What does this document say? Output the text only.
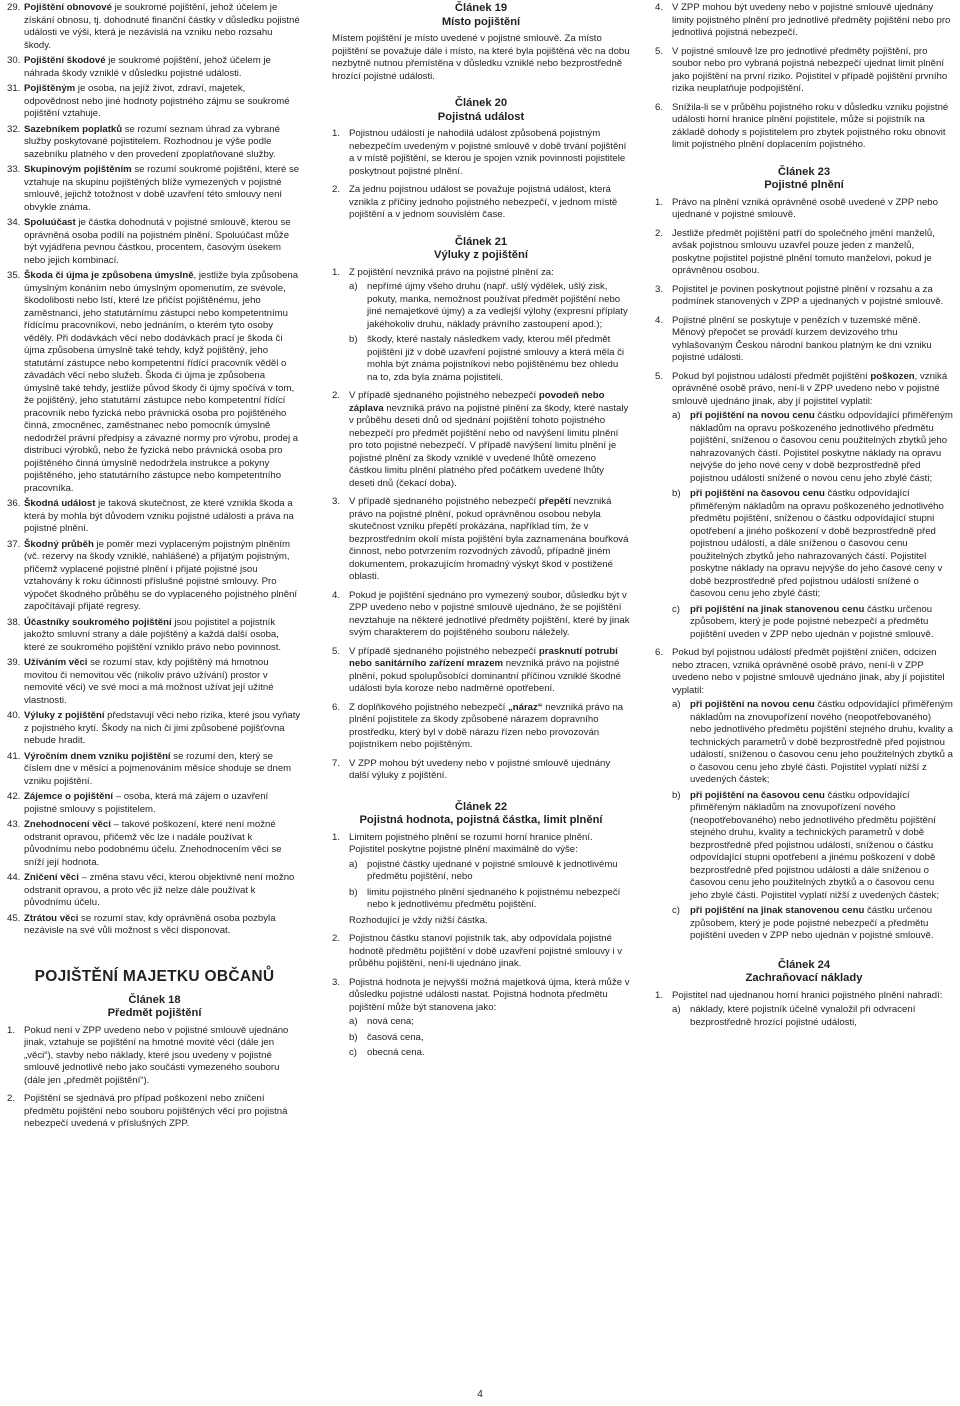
29. Pojištění obnovové je soukromé pojištění, jehož účelem je získání obnosu, tj. dohodnuté finanční částky v důsledku pojistné události ve výši, která je nezávislá na vzniku nebo rozsahu škody.
30. Pojištění škodové je soukromé pojištění, jehož účelem je náhrada škody vzniklé v důsledku pojistné události.
31. Pojištěným je osoba, na jejíž život, zdraví, majetek, odpovědnost nebo jiné hodnoty pojistného zájmu se soukromé pojištění vztahuje.
32. Sazebníkem poplatků se rozumí seznam úhrad za vybrané služby poskytované pojistitelem. Rozhodnou je výše podle sazebníku platného v den provedení zpoplatňované služby.
33. Skupinovým pojištěním se rozumí soukromé pojištění, které se vztahuje na skupinu pojištěných blíže vymezených v pojistné smlouvě, jejichž totožnost v době uzavření této smlouvy není obvykle známa.
34. Spoluúčast je částka dohodnutá v pojistné smlouvě, kterou se oprávněná osoba podílí na pojistném plnění. Spoluúčast může být vyjádřena pevnou částkou, procentem, časovým úsekem nebo jejich kombinací.
35. Škoda či újma je způsobena úmyslně, jestliže byla způsobena úmyslným konáním nebo úmyslným opomenutím, ze svévole, škodolibosti nebo lstí, které lze přičíst pojištěnému, jeho zaměstnanci, jeho statutárnímu zástupci nebo kompetentnímu řídícímu pracovníkovi, nebo jednáním, o kterém tyto osoby věděly. Při dodávkách věcí nebo dodávkách prací je škoda či újma způsobena úmyslně také tehdy, když pojištěný, jeho statutární zástupce nebo kompetentní řídící pracovník věděl o závadách věcí nebo služeb. Škoda či újma je způsobena úmyslně také tehdy, jestliže původ škody či újmy spočívá v tom, že pojištěný, jeho statutární zástupce nebo kompetentní řídící pracovník nebo fyzická nebo právnická osoba pro pojištěného činná, zmocněnec, zaměstnanec nebo pomocník úmyslně nedodržel právní předpisy a závazné normy pro výrobu, prodej a distribuci výrobků, nebo že fyzická nebo právnická osoba pro pojištěného činná úmyslně nedodržela instrukce a pokyny pojištěného, jeho statutárního zástupce nebo kompetentního pracovníka.
36. Škodná událost je taková skutečnost, ze které vznikla škoda a která by mohla být důvodem vzniku pojistné události a práva na pojistné plnění.
37. Škodný průběh je poměr mezi vyplaceným pojistným plněním (vč. rezervy na škody vzniklé, nahlášené) a přijatým pojistným, přičemž vyplacené pojistné plnění i přijaté pojistné jsou vztahovány k roku účinnosti příslušné pojistné smlouvy. Pro výpočet škodného průběhu se do vyplaceného pojistného plnění započítávají přijaté regresy.
38. Účastníky soukromého pojištění jsou pojistitel a pojistník jakožto smluvní strany a dále pojištěný a každá další osoba, které ze soukromého pojištění vzniklo právo nebo povinnost.
39. Užíváním věci se rozumí stav, kdy pojištěný má hmotnou movitou či nemovitou věc (nikoliv právo užívání) prostor v nemovité věci) ve své moci a má možnost užívat její užitné vlastnosti.
40. Výluky z pojištění představují věci nebo rizika, které jsou vyňaty z pojistného krytí. Škody na nich či jimi způsobené pojišťovna nebude hradit.
41. Výročním dnem vzniku pojištění se rozumí den, který se číslem dne v měsíci a pojmenováním měsíce shoduje se dnem vzniku pojištění.
42. Zájemce o pojištění – osoba, která má zájem o uzavření pojistné smlouvy s pojistitelem.
43. Znehodnocení věci – takové poškození, které není možné odstranit opravou, přičemž věc lze i nadále používat k původnímu nebo podobnému účelu. Znehodnocením věci se sníží její hodnota.
44. Zničení věci – změna stavu věci, kterou objektivně není možno odstranit opravou, a proto věc již nelze dále používat k původnímu účelu.
45. Ztrátou věci se rozumí stav, kdy oprávněná osoba pozbyla nezávisle na své vůli možnost s věcí disponovat.
POJIŠTĚNÍ MAJETKU OBČANŮ
Článek 18
Předmět pojištění
1. Pokud není v ZPP uvedeno nebo v pojistné smlouvě ujednáno jinak, vztahuje se pojištění na hmotné movité věci (dále jen „věci“), stavby nebo náklady, které jsou uvedeny v pojistné smlouvě jednotlivě nebo jako součásti vymezeného souboru (dále jen „předmět pojištění“).
2. Pojištění se sjednává pro případ poškození nebo zničení předmětu pojištění nebo souboru pojištěných věcí pro pojistná nebezpečí uvedená v příslušných ZPP.
Článek 19
Místo pojištění
Místem pojištění je místo uvedené v pojistné smlouvě. Za místo pojištění se považuje dále i místo, na které byla pojištěná věc na dobu nezbytně nutnou přemístěna v důsledku vzniklé nebo bezprostředně hrozící pojistné události.
Článek 20
Pojistná událost
1. Pojistnou událostí je nahodilá událost způsobená pojistným nebezpečím uvedeným v pojistné smlouvě v době trvání pojištění a v místě pojištění, se kterou je spojen vznik povinnosti pojistitele poskytnout pojistné plnění.
2. Za jednu pojistnou událost se považuje pojistná událost, která vznikla z příčiny jednoho pojistného nebezpečí, v jednom místě pojištění a v jednom souvislém čase.
Článek 21
Výluky z pojištění
1. Z pojištění nevzniká právo na pojistné plnění za:
a) nepřímé újmy všeho druhu (např. ušlý výdělek, ušlý zisk, pokuty, manka, nemožnost používat předmět pojištění nebo jiné nemajetkové újmy) a za vedlejší výlohy (expresní příplaty jakéhokoliv druhu, náklady právního zastoupení apod.);
b) škody, které nastaly následkem vady, kterou měl předmět pojištění již v době uzavření pojistné smlouvy a která měla či mohla být známa pojistníkovi nebo pojištěnému bez ohledu na to, zda byla známa pojistiteli.
2. V případě sjednaného pojistného nebezpečí povodeň nebo záplava nevzniká právo na pojistné plnění za škody, které nastaly v průběhu deseti dnů od sjednání pojištění tohoto pojistného nebezpečí pro předmět pojištění nebo od navýšení limitu plnění pro toto pojistné nebezpečí. V případě navýšení limitu plnění je pojistné plnění za škody vzniklé v uvedené lhůtě omezeno částkou limitu plnění platného před počátkem uvedené lhůty deseti dnů (čekací doba).
3. V případě sjednaného pojistného nebezpečí přepětí nevzniká právo na pojistné plnění, pokud oprávněnou osobou nebyla skutečnost vzniku přepětí prokázána, například tím, že v bezprostředním okolí místa pojištění byla zaznamenána bouřková činnost, nebo potvrzením rozvodných závodů, případně jiném dokumentem, prokazujícím hromadný výskyt škod v postižené oblasti.
4. Pokud je pojištění sjednáno pro vymezený soubor, důsledku být v ZPP uvedeno nebo v pojistné smlouvě ujednáno, že se pojištění nevztahuje na některé jednotlivé předměty pojištění, které by jinak svým charakterem do pojištěného souboru náležely.
5. V případě sjednaného pojistného nebezpečí prasknutí potrubí nebo sanitárního zařízení mrazem nevzniká právo na pojistné plnění, pokud spolupůsobící dominantní příčinou vzniklé škodné události byla koroze nebo nadměrné opotřebení.
6. Z doplňkového pojistného nebezpečí „náraz“ nevzniká právo na plnění pojistitele za škody způsobené nárazem dopravního prostředku, který byl v době nárazu řízen nebo provozován pojistníkem nebo pojištěným.
7. V ZPP mohou být uvedeny nebo v pojistné smlouvě ujednány další výluky z pojištění.
Článek 22
Pojistná hodnota, pojistná částka, limit plnění
1. Limitem pojistného plnění se rozumí horní hranice plnění. Pojistitel poskytne pojistné plnění maximálně do výše:
a) pojistné částky ujednané v pojistné smlouvě k jednotlivému předmětu pojištění, nebo
b) limitu pojistného plnění sjednaného k pojistnému nebezpečí nebo k jednotlivému předmětu pojištění.
Rozhodující je vždy nižší částka.
2. Pojistnou částku stanoví pojistník tak, aby odpovídala pojistné hodnotě předmětu pojištění v době uzavření pojistné smlouvy i v průběhu pojištění, není-li ujednáno jinak.
3. Pojistná hodnota je nejvyšší možná majetková újma, která může v důsledku pojistné události nastat. Pojistná hodnota předmětu pojištění může být stanovena jako:
a) nová cena;
b) časová cena,
c) obecná cena.
4. V ZPP mohou být uvedeny nebo v pojistné smlouvě ujednány limity pojistného plnění pro jednotlivé předměty pojištění nebo pro jednotlivá pojistná nebezpečí.
5. V pojistné smlouvě lze pro jednotlivé předměty pojištění, pro soubor nebo pro vybraná pojistná nebezpečí ujednat limit plnění jako pojištění na první riziko. Pojistitel v případě pojištění prvního rizika neuplatňuje podpojištění.
6. Snížila-li se v průběhu pojistného roku v důsledku vzniku pojistné události horní hranice plnění pojistitele, může si pojistník na základě dohody s pojistitelem pro zbytek pojistného roku obnovit limit pojistného plnění doplacením pojistného.
Článek 23
Pojistné plnění
1. Právo na plnění vzniká oprávněné osobě uvedené v ZPP nebo ujednané v pojistné smlouvě.
2. Jestliže předmět pojištění patří do společného jmění manželů, avšak pojistnou smlouvu uzavřel pouze jeden z manželů, poskytne pojistitel pojistné plnění tomuto manželovi, pokud je oprávněnou osobou.
3. Pojistitel je povinen poskytnout pojistné plnění v rozsahu a za podmínek stanovených v ZPP a ujednaných v pojistné smlouvě.
4. Pojistné plnění se poskytuje v penězích v tuzemské měně. Měnový přepočet se provádí kurzem devizového trhu vyhlašovaným Českou národní bankou platným ke dni vzniku pojistné události.
5. Pokud byl pojistnou událostí předmět pojištění poškozen, vzniká oprávněné osobě právo, není-li v ZPP uvedeno nebo v pojistné smlouvě ujednáno jinak, aby jí pojistitel vyplatil:
a) při pojištění na novou cenu částku odpovídající přiměřeným nákladům na opravu poškozeného jednotlivého předmětu pojištění, sníženou o časovou cenu použitelných zbytků jeho nahrazovaných částí. Pojistitel poskytne náklady na opravu nejvýše do jeho nové ceny v době bezprostředně před pojistnou událostí snížené o novou cenu jeho zbylé části;
b) při pojištění na časovou cenu částku odpovídající přiměřeným nákladům na opravu poškozeného jednotlivého předmětu pojištění, sníženou o částku odpovídající stupni opotřebení a jiného poškození v době bezprostředně před pojistnou událostí, a dále sníženou o časovou cenu použitelných zbytků jeho nahrazovaných částí. Pojistitel poskytne náklady na opravu nejvýše do jeho časové ceny v době bezprostředně před pojistnou událostí snížené o časovou cenu jeho zbylé části;
c) při pojištění na jinak stanovenou cenu částku určenou způsobem, který je pode pojistné nebezpečí a předmětu pojištění uveden v ZPP nebo ujednán v pojistné smlouvě.
6. Pokud byl pojistnou událostí předmět pojištění zničen, odcizen nebo ztracen, vzniká oprávněné osobě právo, není-li v ZPP uvedeno nebo v pojistné smlouvě ujednáno jinak, aby jí pojistitel vyplatil:
a) při pojištění na novou cenu částku odpovídající přiměřeným nákladům na znovupořízení nového (neopotřebovaného) nebo jednotlivého předmětu pojištění stejného druhu, kvality a technických parametrů v době bezprostředně před pojistnou událostí, sníženou o časovou cenu jeho použitelných zbytků a o časovou cenu jeho zbylé části. Pojistitel vyplatí nižší z uvedených částek;
b) při pojištění na časovou cenu částku odpovídající přiměřeným nákladům na znovupořízení nového (neopotřebovaného) nebo jednotlivého předmětu pojištění stejného druhu, kvality a technických parametrů v době bezprostředně před pojistnou událostí, sníženou o částku odpovídající stupni opotřebení a jinému poškození v době bezprostředně před pojistnou událostí a dále sníženou o časovou cenu jeho použitelných zbytků a o časovou cenu jeho zbylé části. Pojistitel vyplatí nižší z uvedených částek;
c) při pojištění na jinak stanovenou cenu částku určenou způsobem, který je pode pojistné nebezpečí a předmětu pojištění uveden v ZPP nebo ujednán v pojistné smlouvě.
Článek 24
Zachraňovací náklady
1. Pojistitel nad ujednanou horní hranici pojistného plnění nahradí:
a) náklady, které pojistník účelně vynaložil při odvracení bezprostředně hrozící pojistné události,
4
